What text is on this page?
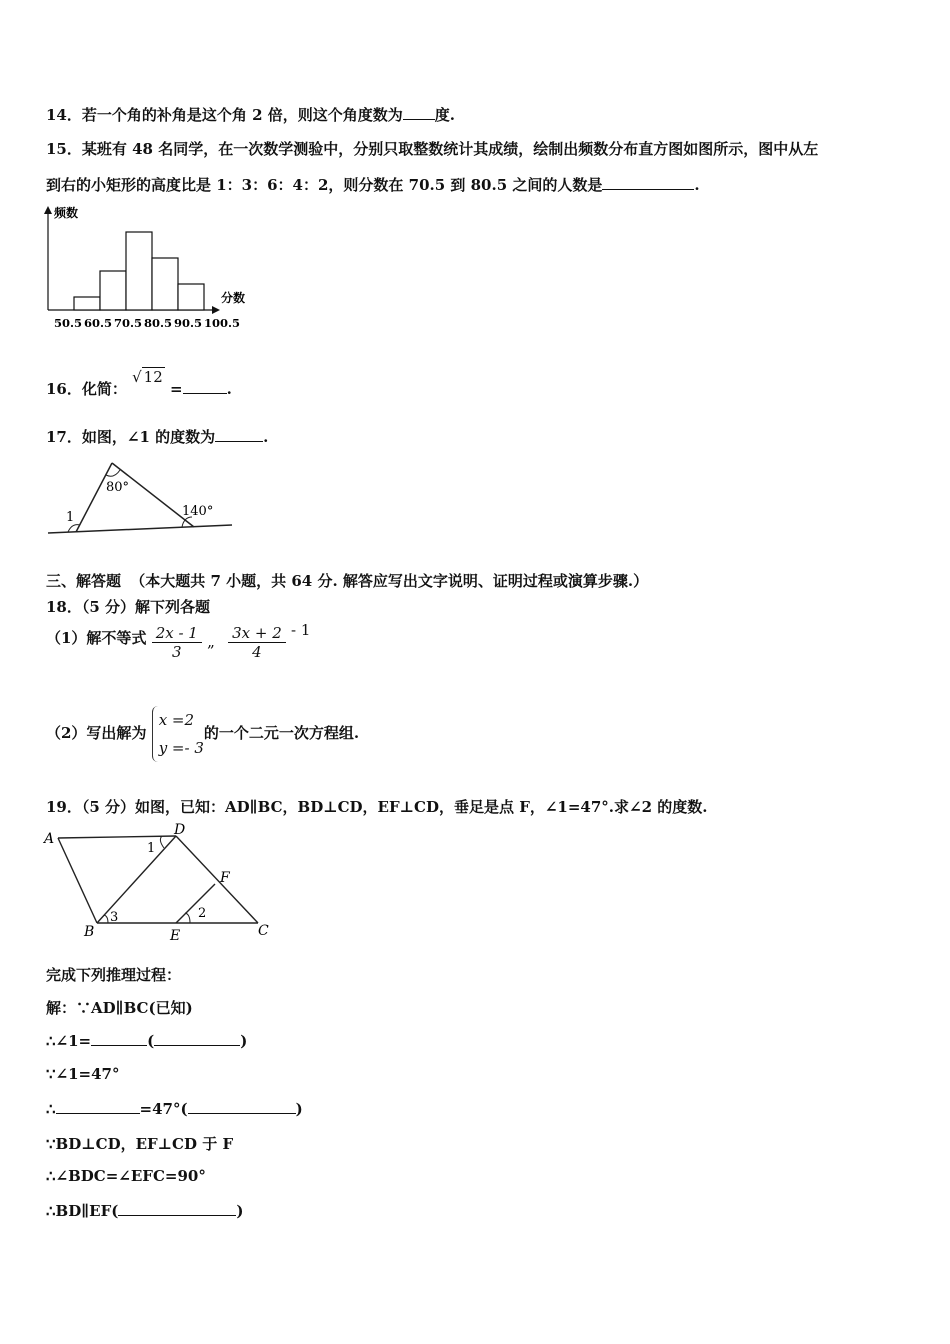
14．若一个角的补角是这个角 2 倍，则这个角度数为 度.
15．某班有 48 名同学，在一次数学测验中，分别只取整数统计其成绩，绘制出频数分布直方图如图所示，图中从左
到右的小矩形的高度比是 1：3：6：4：2，则分数在 70.5 到 80.5 之间的人数是	.
频数
分数
50.5 60.5 70.5 80.5 90.5 100.5
16．化简： √ 12 =	.
17．如图，∠1 的度数为	.
80°
140°
1
三、解答题 （本大题共 7 小题，共 64 分. 解答应写出文字说明、证明过程或演算步骤.）
18．（5 分）解下列各题
（1）解不等式 $\frac{2x - 1}{3}$ „ $\frac{3x + 2}{4} - 1$
（2）写出解为
x =2
y =- 3
的一个二元一次方程组.
19．（5 分）如图，已知：AD∥BC，BD⊥CD，EF⊥CD，垂足是点 F，∠1=47°.求∠2 的度数.
A
D
F
B	E	C
1
2
3
完成下列推理过程：
解：∵AD∥BC(已知)
∴∠1=	(	)
∵∠1=47°
∴	=47°(	)
∵BD⊥CD，EF⊥CD 于 F
∴∠BDC=∠EFC=90°
∴BD∥EF(	)
